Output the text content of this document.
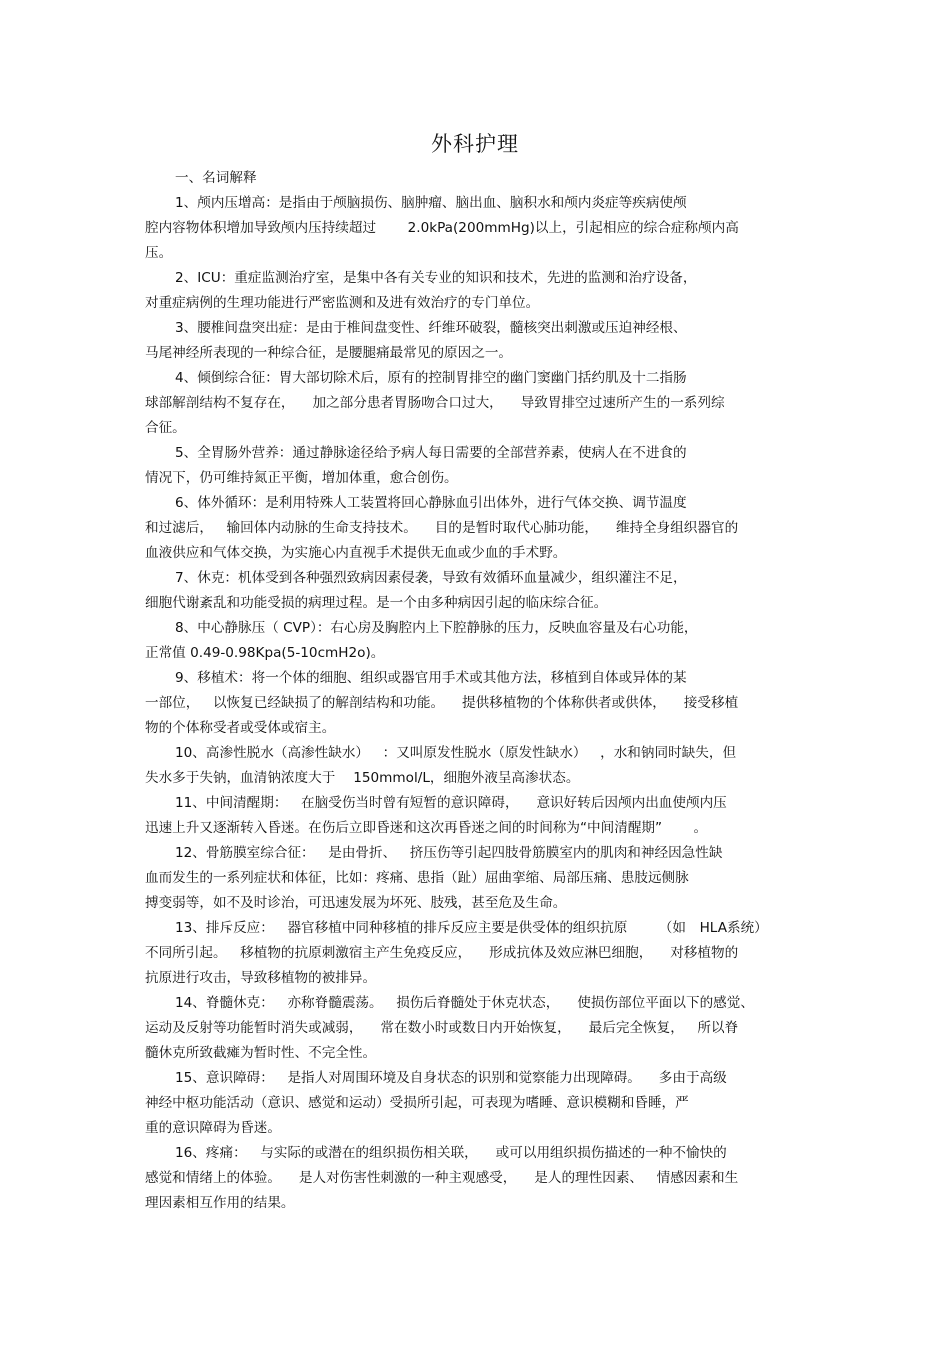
外科护理
一、名词解释
1、颅内压增高：是指由于颅脑损伤、脑肿瘤、脑出血、脑积水和颅内炎症等疾病使颅
腔内容物体积增加导致颅内压持续超过   2.0kPa(200mmHg)以上，引起相应的综合症称颅内高
压。
2、ICU：重症监测治疗室，是集中各有关专业的知识和技术，先进的监测和治疗设备，
对重症病例的生理功能进行严密监测和及进有效治疗的专门单位。
3、腰椎间盘突出症：是由于椎间盘变性、纤维环破裂，髓核突出刺激或压迫神经根、
马尾神经所表现的一种综合征，是腰腿痛最常见的原因之一。
4、倾倒综合征：胃大部切除术后，原有的控制胃排空的幽门窦幽门括约肌及十二指肠
球部解剖结构不复存在，  加之部分患者胃肠吻合口过大，  导致胃排空过速所产生的一系列综
合征。
5、全胃肠外营养：通过静脉途径给予病人每日需要的全部营养素，使病人在不进食的
情况下，仍可维持氮正平衡，增加体重，愈合创伤。
6、体外循环：是利用特殊人工装置将回心静脉血引出体外，进行气体交换、调节温度
和过滤后， 输回体内动脉的生命支持技术。  目的是暂时取代心肺功能，  维持全身组织器官的
血液供应和气体交换，为实施心内直视手术提供无血或少血的手术野。
7、休克：机体受到各种强烈致病因素侵袭，导致有效循环血量减少，组织灌注不足，
细胞代谢紊乱和功能受损的病理过程。是一个由多种病因引起的临床综合征。
8、中心静脉压（ CVP）：右心房及胸腔内上下腔静脉的压力，反映血容量及右心功能，
正常值 0.49-0.98Kpa(5-10cmH2o)。
9、移植术：将一个体的细胞、组织或器官用手术或其他方法，移植到自体或异体的某
一部位， 以恢复已经缺损了的解剖结构和功能。  提供移植物的个体称供者或供体，  接受移植
物的个体称受者或受体或宿主。
10、高渗性脱水（高渗性缺水） ：又叫原发性脱水（原发性缺水） ，水和钠同时缺失，但
失水多于失钠，血清钠浓度大于  150mmol/L，细胞外液呈高渗状态。
11、中间清醒期： 在脑受伤当时曾有短暂的意识障碍，  意识好转后因颅内出血使颅内压
迅速上升又逐渐转入昏迷。在伤后立即昏迷和这次再昏迷之间的时间称为“中间清醒期”   。
12、骨筋膜室综合征： 是由骨折、 挤压伤等引起四肢骨筋膜室内的肌肉和神经因急性缺
血而发生的一系列症状和体征，比如：疼痛、患指（趾）屈曲挛缩、局部压痛、患肢远侧脉
搏变弱等，如不及时诊治，可迅速发展为坏死、肢残，甚至危及生命。
13、排斥反应： 器官移植中同种移植的排斥反应主要是供受体的组织抗原   （如 HLA系统）
不同所引起。 移植物的抗原刺激宿主产生免疫反应，  形成抗体及效应淋巴细胞，  对移植物的
抗原进行攻击，导致移植物的被排异。
14、脊髓休克： 亦称脊髓震荡。 损伤后脊髓处于休克状态，  使损伤部位平面以下的感觉、
运动及反射等功能暂时消失或减弱，  常在数小时或数日内开始恢复，  最后完全恢复， 所以脊
髓休克所致截瘫为暂时性、不完全性。
15、意识障碍： 是指人对周围环境及自身状态的识别和觉察能力出现障碍。  多由于高级
神经中枢功能活动（意识、感觉和运动）受损所引起，可表现为嗜睡、意识模糊和昏睡，严
重的意识障碍为昏迷。
16、疼痛： 与实际的或潜在的组织损伤相关联，  或可以用组织损伤描述的一种不愉快的
感觉和情绪上的体验。  是人对伤害性刺激的一种主观感受，  是人的理性因素、 情感因素和生
理因素相互作用的结果。
